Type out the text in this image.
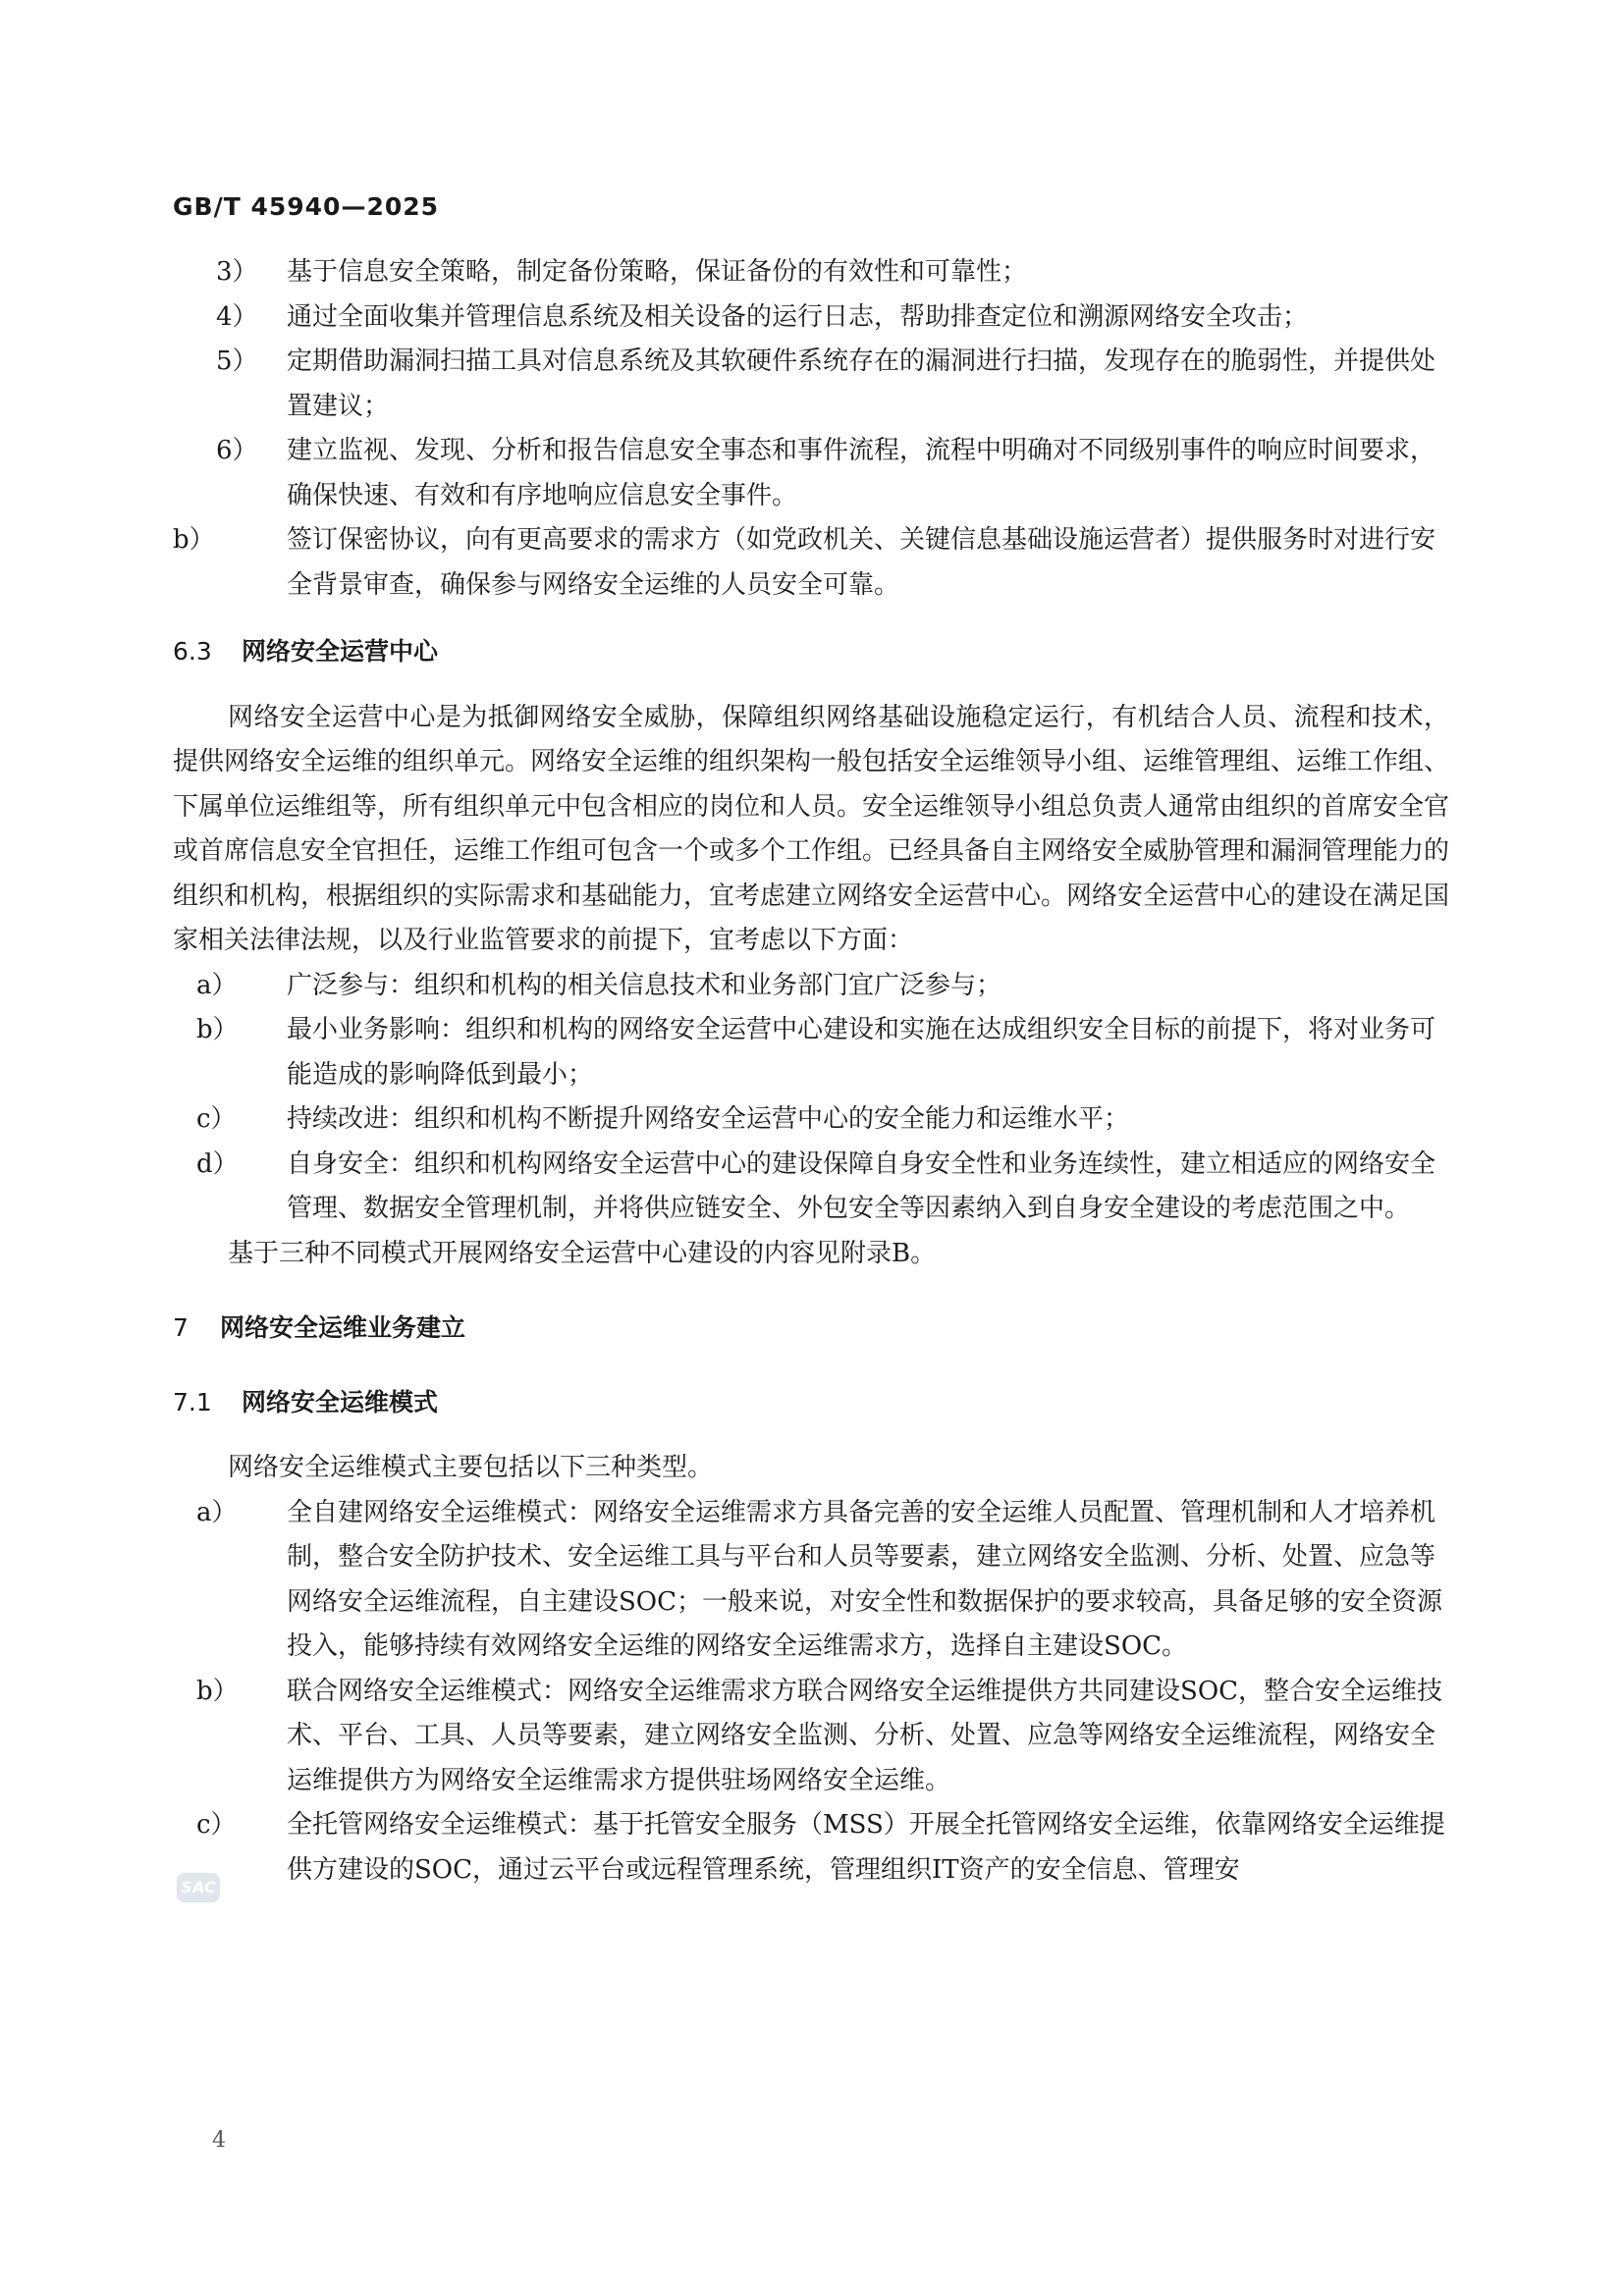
GB/T 45940—2025
3） 基于信息安全策略，制定备份策略，保证备份的有效性和可靠性；
4） 通过全面收集并管理信息系统及相关设备的运行日志，帮助排查定位和溯源网络安全攻击；
5） 定期借助漏洞扫描工具对信息系统及其软硬件系统存在的漏洞进行扫描，发现存在的脆弱性，并提供处置建议；
6） 建立监视、发现、分析和报告信息安全事态和事件流程，流程中明确对不同级别事件的响应时间要求，确保快速、有效和有序地响应信息安全事件。
b）	签订保密协议，向有更高要求的需求方（如党政机关、关键信息基础设施运营者）提供服务时对进行安全背景审查，确保参与网络安全运维的人员安全可靠。
6.3 网络安全运营中心
网络安全运营中心是为抵御网络安全威胁，保障组织网络基础设施稳定运行，有机结合人员、流程和技术，提供网络安全运维的组织单元。网络安全运维的组织架构一般包括安全运维领导小组、运维管理组、运维工作组、下属单位运维组等，所有组织单元中包含相应的岗位和人员。安全运维领导小组总负责人通常由组织的首席安全官或首席信息安全官担任，运维工作组可包含一个或多个工作组。已经具备自主网络安全威胁管理和漏洞管理能力的组织和机构，根据组织的实际需求和基础能力，宜考虑建立网络安全运营中心。网络安全运营中心的建设在满足国家相关法律法规，以及行业监管要求的前提下，宜考虑以下方面：
a）	广泛参与：组织和机构的相关信息技术和业务部门宜广泛参与；
b） 最小业务影响：组织和机构的网络安全运营中心建设和实施在达成组织安全目标的前提下，将对业务可能造成的影响降低到最小；
c）	持续改进：组织和机构不断提升网络安全运营中心的安全能力和运维水平；
d） 自身安全：组织和机构网络安全运营中心的建设保障自身安全性和业务连续性，建立相适应的网络安全管理、数据安全管理机制，并将供应链安全、外包安全等因素纳入到自身安全建设的考虑范围之中。
基于三种不同模式开展网络安全运营中心建设的内容见附录B。
7 网络安全运维业务建立
7.1 网络安全运维模式
网络安全运维模式主要包括以下三种类型。
a）	全自建网络安全运维模式：网络安全运维需求方具备完善的安全运维人员配置、管理机制和人才培养机制，整合安全防护技术、安全运维工具与平台和人员等要素，建立网络安全监测、分析、处置、应急等网络安全运维流程，自主建设SOC；一般来说，对安全性和数据保护的要求较高，具备足够的安全资源投入，能够持续有效网络安全运维的网络安全运维需求方，选择自主建设SOC。
b） 联合网络安全运维模式：网络安全运维需求方联合网络安全运维提供方共同建设SOC，整合安全运维技术、平台、工具、人员等要素，建立网络安全监测、分析、处置、应急等网络安全运维流程，网络安全运维提供方为网络安全运维需求方提供驻场网络安全运维。
c）	全托管网络安全运维模式：基于托管安全服务（MSS）开展全托管网络安全运维，依靠网络安全运维提供方建设的SOC，通过云平台或远程管理系统，管理组织IT资产的安全信息、管理安
SAC
4
